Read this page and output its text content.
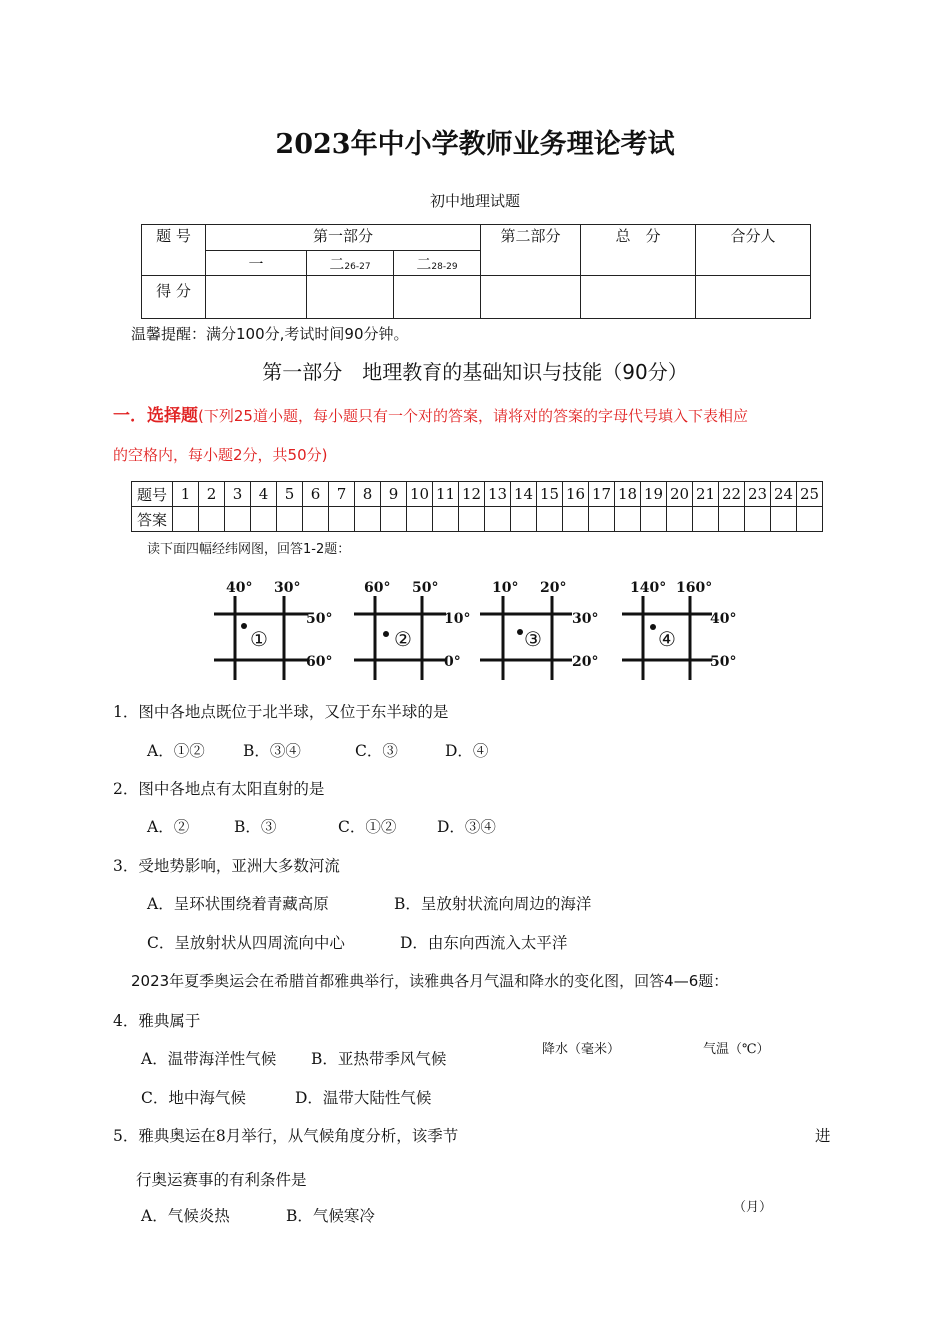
2023年中小学教师业务理论考试
初中地理试题
题 号	第一部分			第二部分	总　分	合分人
	一	二26-27	二28-29			
得 分						
温馨提醒：满分100分,考试时间90分钟。
第一部分　地理教育的基础知识与技能（90分）
一．选择题(下列25道小题，每小题只有一个对的答案，请将对的答案的字母代号填入下表相应
的空格内，每小题2分，共50分)
题号	1	2	3	4	5	6	7	8	9	10	11	12	13	14	15	16	17	18	19	20	21	22	23	24	25
答案																									
读下面四幅经纬网图，回答1-2题：
40° 30°
50°
60°
①
60° 50°
10°
0°
②
10° 20°
30°
20°
③
140° 160°
40°
50°
④
1．图中各地点既位于北半球，又位于东半球的是
A．①② B．③④	C．③	D．④
2．图中各地点有太阳直射的是
A．②	B．③	C．①②	D．③④
3．受地势影响，亚洲大多数河流
A．呈环状围绕着青藏高原	B．呈放射状流向周边的海洋
C．呈放射状从四周流向中心	D．由东向西流入太平洋
2023年夏季奥运会在希腊首都雅典举行，读雅典各月气温和降水的变化图，回答4—6题：
4．雅典属于
A．温带海洋性气候 B．亚热带季风气候
C．地中海气候	D．温带大陆性气候
降水（毫米）	气温（℃）
（月）
5．雅典奥运在8月举行，从气候角度分析，该季节	进
行奥运赛事的有利条件是
A．气候炎热	B．气候寒冷
